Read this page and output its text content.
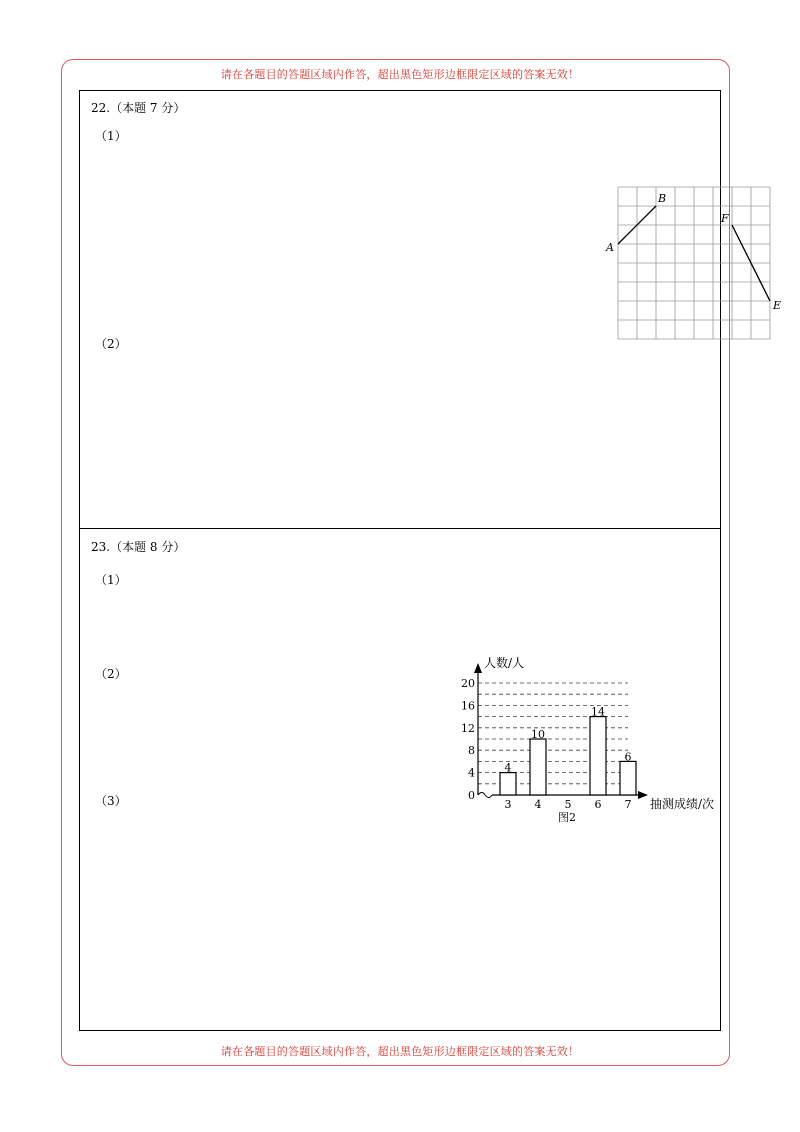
请在各题目的答题区域内作答，超出黑色矩形边框限定区域的答案无效！
请在各题目的答题区域内作答，超出黑色矩形边框限定区域的答案无效！
22.（本题 7 分）
（1）
（2）
A
B
F
E
23.（本题 8 分）
（1）
（2）
（3）
4
3
10
4 5
14
6
6
7
0
4
8
12
16
20
人数/人
抽测成绩/次
图2
